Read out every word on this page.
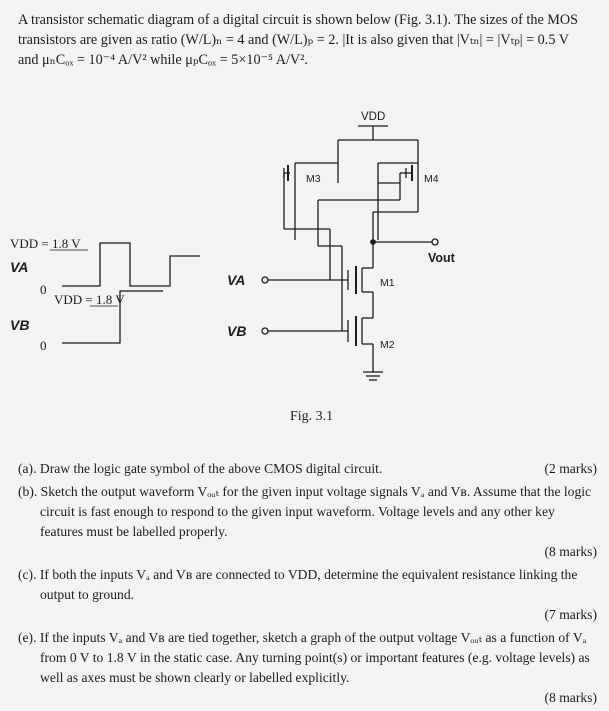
A transistor schematic diagram of a digital circuit is shown below (Fig. 3.1). The sizes of the MOS

transistors are given as ratio (W/L)ₙ = 4 and (W/L)ₚ = 2. |It is also given that |Vₜₙ| = |Vₜₚ| = 0.5 V

and μₙCₒₓ = 10⁻⁴ A/V² while μₚCₒₓ = 5×10⁻⁵ A/V².

VDD = 1.8 V
VA
0
VDD = 1.8 V
VB
0
VDD
M3	M4
M1
M2
Vout
VA
VB
Fig. 3.1
(a). Draw the logic gate symbol of the above CMOS digital circuit.	(2 marks)
(b). Sketch the output waveform Vₒᵤₜ for the given input voltage signals Vₐ and Vʙ. Assume that the logic circuit is fast enough to respond to the given input waveform. Voltage levels and any other key features must be labelled properly.
(8 marks)
(c). If both the inputs Vₐ and Vʙ are connected to VDD, determine the equivalent resistance linking the output to ground.
(7 marks)
(e). If the inputs Vₐ and Vʙ are tied together, sketch a graph of the output voltage Vₒᵤₜ as a function of Vₐ from 0 V to 1.8 V in the static case. Any turning point(s) or important features (e.g. voltage levels) as well as axes must be shown clearly or labelled explicitly.
(8 marks)
